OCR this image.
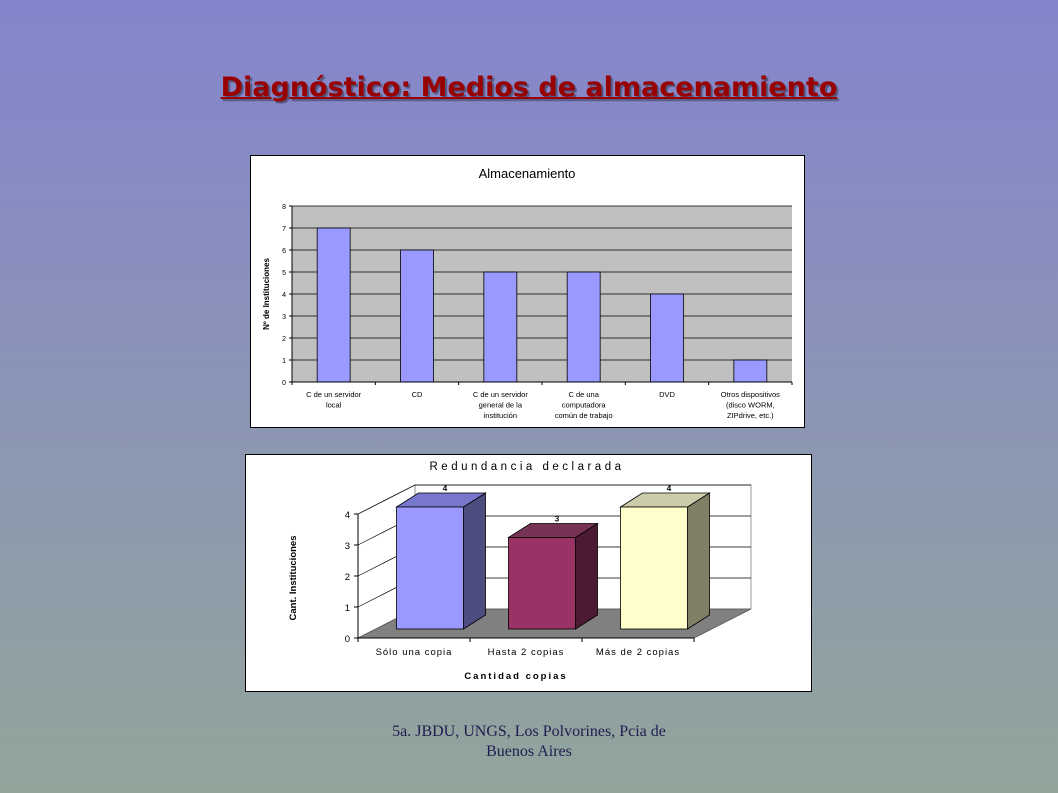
Diagnóstico: Medios de almacenamiento
Almacenamiento
0
1
2
3
4
5
6
7
8
Nº de Instituciones
C de un servidor local
CD	C de un servidor general de la institución
C de una computadora común de trabajo
DVD	Otros dispositivos (disco WORM, ZIPdrive, etc.)
Redundancia declarada
0
1
2
3
4
Cant. Instituciones
4
3
4
Sólo una copia	Hasta 2 copias	Más de 2 copias
Cantidad copias
5a. JBDU, UNGS, Los Polvorines, Pcia de
Buenos Aires
